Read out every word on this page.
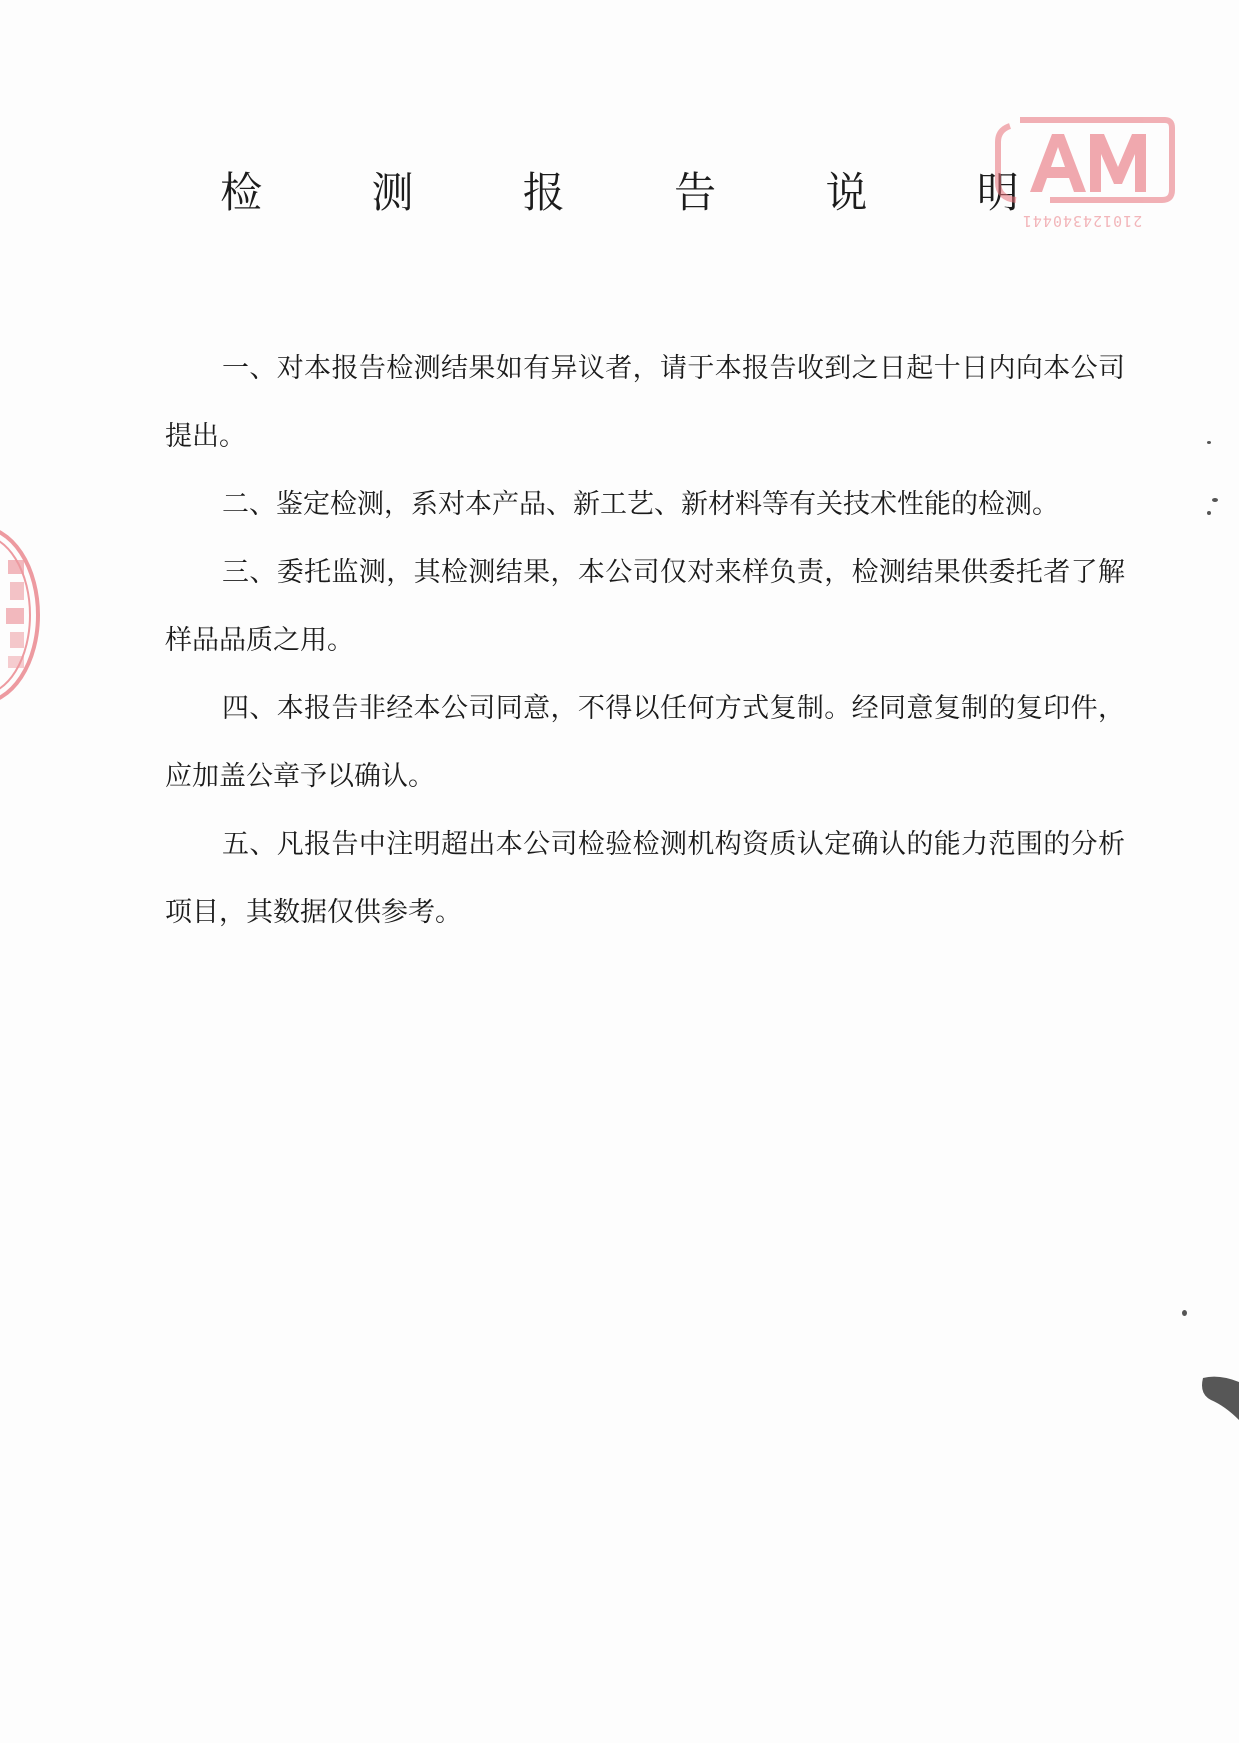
检 测 报 告 说 明
210124340441

一、对本报告检测结果如有异议者，请于本报告收到之日起十日内向本公司提出。

二、鉴定检测，系对本产品、新工艺、新材料等有关技术性能的检测。

三、委托监测，其检测结果，本公司仅对来样负责，检测结果供委托者了解样品品质之用。

四、本报告非经本公司同意，不得以任何方式复制。经同意复制的复印件，应加盖公章予以确认。

五、凡报告中注明超出本公司检验检测机构资质认定确认的能力范围的分析项目，其数据仅供参考。
